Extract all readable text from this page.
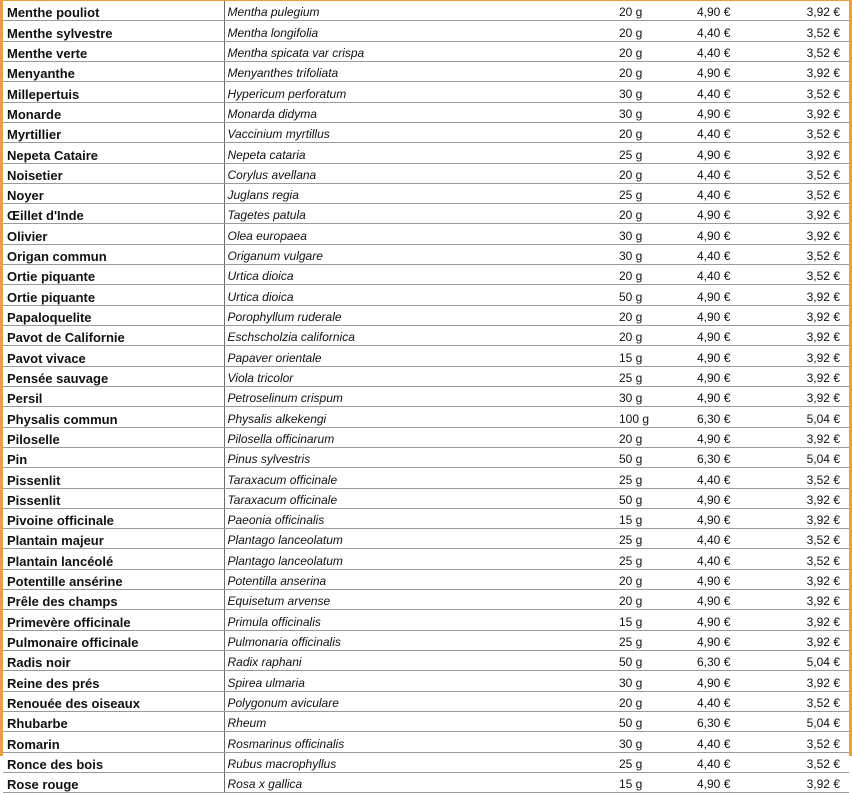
Menthe pouliot	Mentha pulegium	20 g	4,90 €	3,92 €
Menthe sylvestre	Mentha longifolia	20 g	4,40 €	3,52 €
Menthe verte	Mentha spicata var crispa	20 g	4,40 €	3,52 €
Menyanthe	Menyanthes trifoliata	20 g	4,90 €	3,92 €
Millepertuis	Hypericum perforatum	30 g	4,40 €	3,52 €
Monarde	Monarda didyma	30 g	4,90 €	3,92 €
Myrtillier	Vaccinium myrtillus	20 g	4,40 €	3,52 €
Nepeta Cataire	Nepeta cataria	25 g	4,90 €	3,92 €
Noisetier	Corylus avellana	20 g	4,40 €	3,52 €
Noyer	Juglans regia	25 g	4,40 €	3,52 €
Œillet d'Inde	Tagetes patula	20 g	4,90 €	3,92 €
Olivier	Olea europaea	30 g	4,90 €	3,92 €
Origan commun	Origanum vulgare	30 g	4,40 €	3,52 €
Ortie piquante	Urtica dioica	20 g	4,40 €	3,52 €
Ortie piquante	Urtica dioica	50 g	4,90 €	3,92 €
Papaloquelite	Porophyllum ruderale	20 g	4,90 €	3,92 €
Pavot de Californie	Eschscholzia californica	20 g	4,90 €	3,92 €
Pavot vivace	Papaver orientale	15 g	4,90 €	3,92 €
Pensée sauvage	Viola tricolor	25 g	4,90 €	3,92 €
Persil	Petroselinum crispum	30 g	4,90 €	3,92 €
Physalis commun	Physalis alkekengi	100 g	6,30 €	5,04 €
Piloselle	Pilosella officinarum	20 g	4,90 €	3,92 €
Pin	Pinus sylvestris	50 g	6,30 €	5,04 €
Pissenlit	Taraxacum officinale	25 g	4,40 €	3,52 €
Pissenlit	Taraxacum officinale	50 g	4,90 €	3,92 €
Pivoine officinale	Paeonia officinalis	15 g	4,90 €	3,92 €
Plantain majeur	Plantago lanceolatum	25 g	4,40 €	3,52 €
Plantain lancéolé	Plantago lanceolatum	25 g	4,40 €	3,52 €
Potentille ansérine	Potentilla anserina	20 g	4,90 €	3,92 €
Prêle des champs	Equisetum arvense	20 g	4,90 €	3,92 €
Primevère officinale	Primula officinalis	15 g	4,90 €	3,92 €
Pulmonaire officinale	Pulmonaria officinalis	25 g	4,90 €	3,92 €
Radis noir	Radix raphani	50 g	6,30 €	5,04 €
Reine des prés	Spirea ulmaria	30 g	4,90 €	3,92 €
Renouée des oiseaux	Polygonum aviculare	20 g	4,40 €	3,52 €
Rhubarbe	Rheum	50 g	6,30 €	5,04 €
Romarin	Rosmarinus officinalis	30 g	4,40 €	3,52 €
Ronce des bois	Rubus macrophyllus	25 g	4,40 €	3,52 €
Rose rouge	Rosa x gallica	15 g	4,90 €	3,92 €
